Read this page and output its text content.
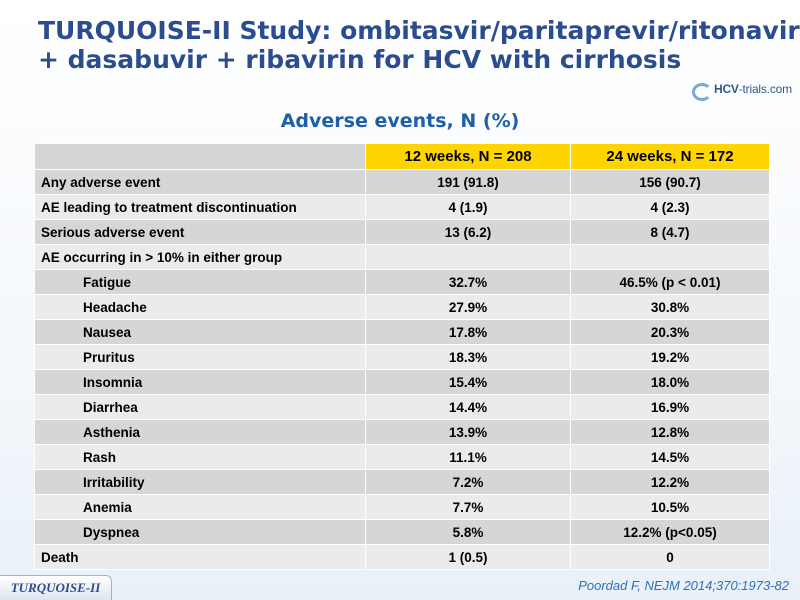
TURQUOISE-II Study: ombitasvir/paritaprevir/ritonavir
+ dasabuvir + ribavirin for HCV with cirrhosis
HCV-trials.com
Adverse events, N (%)
	12 weeks, N = 208	24 weeks, N = 172
Any adverse event	191 (91.8)	156 (90.7)
AE leading to treatment discontinuation	4 (1.9)	4 (2.3)
Serious adverse event	13 (6.2)	8 (4.7)
AE occurring in > 10% in either group		
Fatigue	32.7%	46.5% (p < 0.01)
Headache	27.9%	30.8%
Nausea	17.8%	20.3%
Pruritus	18.3%	19.2%
Insomnia	15.4%	18.0%
Diarrhea	14.4%	16.9%
Asthenia	13.9%	12.8%
Rash	11.1%	14.5%
Irritability	7.2%	12.2%
Anemia	7.7%	10.5%
Dyspnea	5.8%	12.2% (p<0.05)
Death	1 (0.5)	0
TURQUOISE-II	Poordad F, NEJM 2014;370:1973-82
